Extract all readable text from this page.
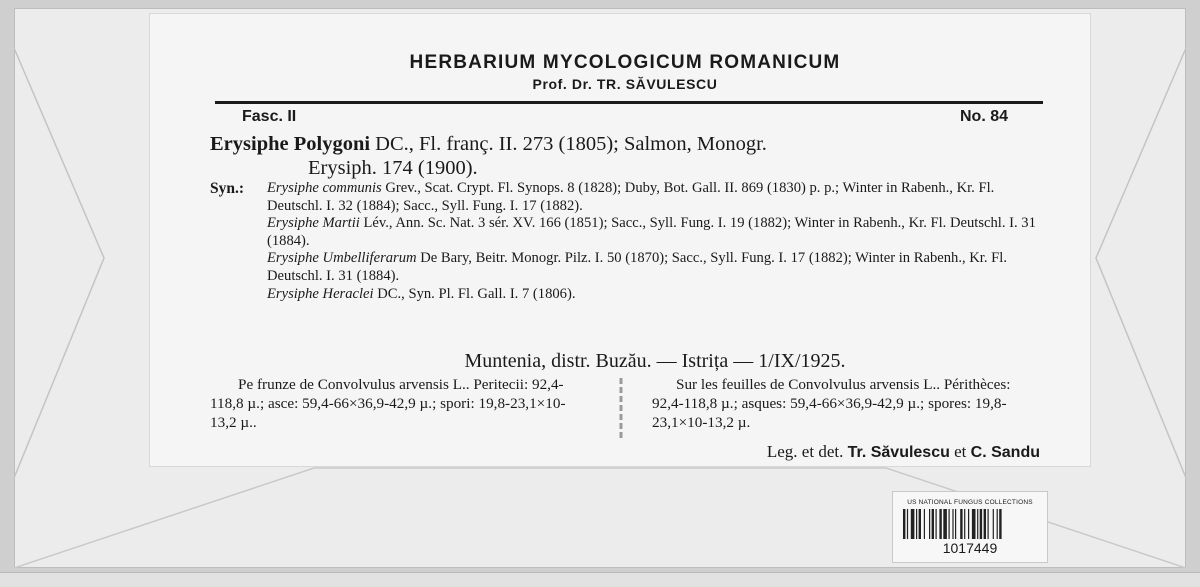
HERBARIUM MYCOLOGICUM ROMANICUM
Prof. Dr. TR. SĂVULESCU
Fasc. II	No. 84
Erysiphe Polygoni DC., Fl. franç. II. 273 (1805); Salmon, Monogr.
Erysiph. 174 (1900).
Syn.: Erysiphe communis Grev., Scat. Crypt. Fl. Synops. 8 (1828); Duby, Bot. Gall. II. 869 (1830) p. p.; Winter in Rabenh., Kr. Fl. Deutschl. I. 32 (1884); Sacc., Syll. Fung. I. 17 (1882).
Erysiphe Martii Lév., Ann. Sc. Nat. 3 sér. XV. 166 (1851); Sacc., Syll. Fung. I. 19 (1882); Winter in Rabenh., Kr. Fl. Deutschl. I. 31 (1884).
Erysiphe Umbelliferarum De Bary, Beitr. Monogr. Pilz. I. 50 (1870); Sacc., Syll. Fung. I. 17 (1882); Winter in Rabenh., Kr. Fl. Deutschl. I. 31 (1884).
Erysiphe Heraclei DC., Syn. Pl. Fl. Gall. I. 7 (1806).
Muntenia, distr. Buzău. — Istrița — 1/IX/1925.
Pe frunze de Convolvulus arvensis L.. Peritecii: 92,4-118,8 µ.; asce: 59,4-66×36,9-42,9 µ.; spori: 19,8-23,1×10-13,2 µ..
Sur les feuilles de Convolvulus arvensis L.. Périthèces: 92,4-118,8 µ.; asques: 59,4-66×36,9-42,9 µ.; spores: 19,8-23,1×10-13,2 µ.
Leg. et det. Tr. Săvulescu et C. Sandu
US NATIONAL FUNGUS COLLECTIONS
1017449
